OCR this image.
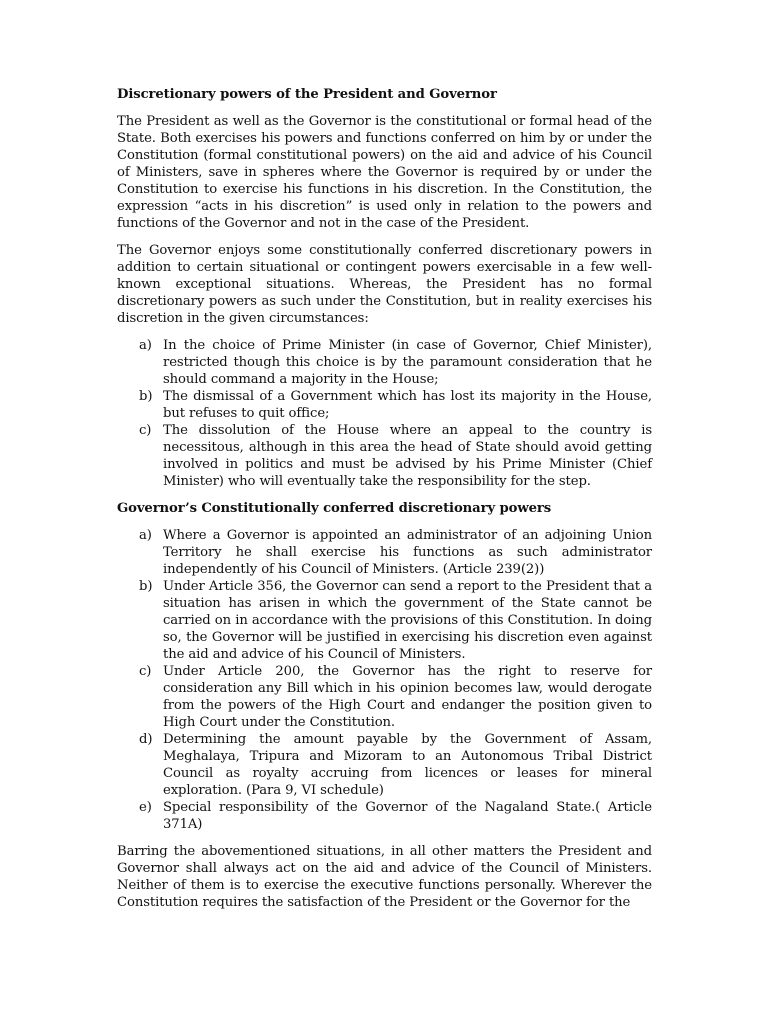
Discretionary powers of the President and Governor

The President as well as the Governor is the constitutional or formal head of the State. Both exercises his powers and functions conferred on him by or under the Constitution (formal constitutional powers) on the aid and advice of his Council of Ministers, save in spheres where the Governor is required by or under the Constitution to exercise his functions in his discretion. In the Constitution, the expression “acts in his discretion” is used only in relation to the powers and functions of the Governor and not in the case of the President.

The Governor enjoys some constitutionally conferred discretionary powers in addition to certain situational or contingent powers exercisable in a few well-known exceptional situations. Whereas, the President has no formal discretionary powers as such under the Constitution, but in reality exercises his discretion in the given circumstances:

a) In the choice of Prime Minister (in case of Governor, Chief Minister), restricted though this choice is by the paramount consideration that he should command a majority in the House;
b) The dismissal of a Government which has lost its majority in the House, but refuses to quit office;
c) The dissolution of the House where an appeal to the country is necessitous, although in this area the head of State should avoid getting involved in politics and must be advised by his Prime Minister (Chief Minister) who will eventually take the responsibility for the step.
Governor’s Constitutionally conferred discretionary powers
a) Where a Governor is appointed an administrator of an adjoining Union Territory he shall exercise his functions as such administrator independently of his Council of Ministers. (Article 239(2))
b) Under Article 356, the Governor can send a report to the President that a situation has arisen in which the government of the State cannot be carried on in accordance with the provisions of this Constitution. In doing so, the Governor will be justified in exercising his discretion even against the aid and advice of his Council of Ministers.
c) Under Article 200, the Governor has the right to reserve for consideration any Bill which in his opinion becomes law, would derogate from the powers of the High Court and endanger the position given to High Court under the Constitution.
d) Determining the amount payable by the Government of Assam, Meghalaya, Tripura and Mizoram to an Autonomous Tribal District Council as royalty accruing from licences or leases for mineral exploration. (Para 9, VI schedule)
e) Special responsibility of the Governor of the Nagaland State.( Article 371A)

Barring the abovementioned situations, in all other matters the President and Governor shall always act on the aid and advice of the Council of Ministers. Neither of them is to exercise the executive functions personally. Wherever the Constitution requires the satisfaction of the President or the Governor for the
